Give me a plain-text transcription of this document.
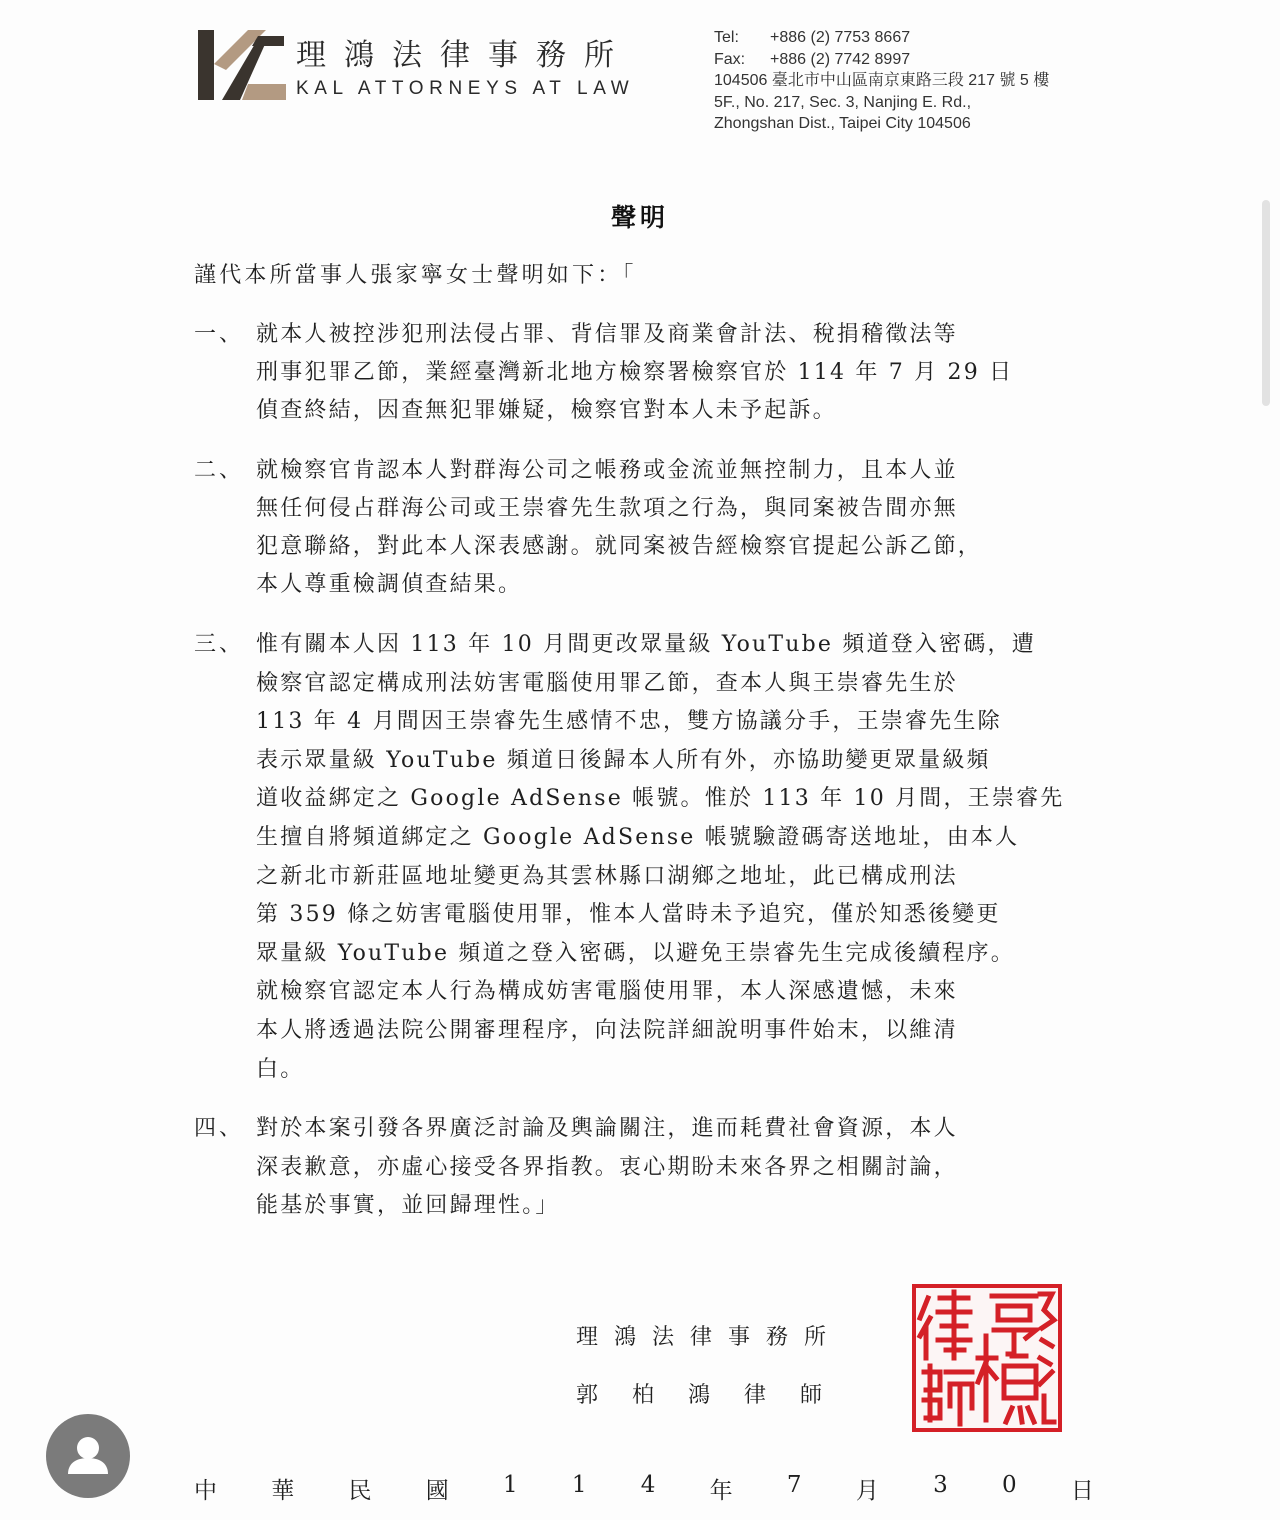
理鴻法律事務所
KAL ATTORNEYS AT LAW
Tel: +886 (2) 7753 8667
Fax: +886 (2) 7742 8997
104506 臺北市中山區南京東路三段 217 號 5 樓
5F., No. 217, Sec. 3, Nanjing E. Rd.,
Zhongshan Dist., Taipei City 104506
聲明
謹代本所當事人張家寧女士聲明如下：「
一、 就本人被控涉犯刑法侵占罪、背信罪及商業會計法、稅捐稽徵法等
刑事犯罪乙節，業經臺灣新北地方檢察署檢察官於 114 年 7 月 29 日
偵查終結，因查無犯罪嫌疑，檢察官對本人未予起訴。
二、 就檢察官肯認本人對群海公司之帳務或金流並無控制力，且本人並
無任何侵占群海公司或王崇睿先生款項之行為，與同案被告間亦無
犯意聯絡，對此本人深表感謝。就同案被告經檢察官提起公訴乙節，
本人尊重檢調偵查結果。
三、 惟有關本人因 113 年 10 月間更改眾量級 YouTube 頻道登入密碼，遭
檢察官認定構成刑法妨害電腦使用罪乙節，查本人與王崇睿先生於
113 年 4 月間因王崇睿先生感情不忠，雙方協議分手，王崇睿先生除
表示眾量級 YouTube 頻道日後歸本人所有外，亦協助變更眾量級頻
道收益綁定之 Google AdSense 帳號。惟於 113 年 10 月間，王崇睿先
生擅自將頻道綁定之 Google AdSense 帳號驗證碼寄送地址，由本人
之新北市新莊區地址變更為其雲林縣口湖鄉之地址，此已構成刑法
第 359 條之妨害電腦使用罪，惟本人當時未予追究，僅於知悉後變更
眾量級 YouTube 頻道之登入密碼，以避免王崇睿先生完成後續程序。
就檢察官認定本人行為構成妨害電腦使用罪，本人深感遺憾，未來
本人將透過法院公開審理程序，向法院詳細說明事件始末，以維清
白。
四、 對於本案引發各界廣泛討論及輿論關注，進而耗費社會資源，本人
深表歉意，亦虛心接受各界指教。衷心期盼未來各界之相關討論，
能基於事實，並回歸理性。」
理鴻法律事務所
郭柏鴻律師
中 華 民 國 1 1 4 年 7 月 3 0 日
